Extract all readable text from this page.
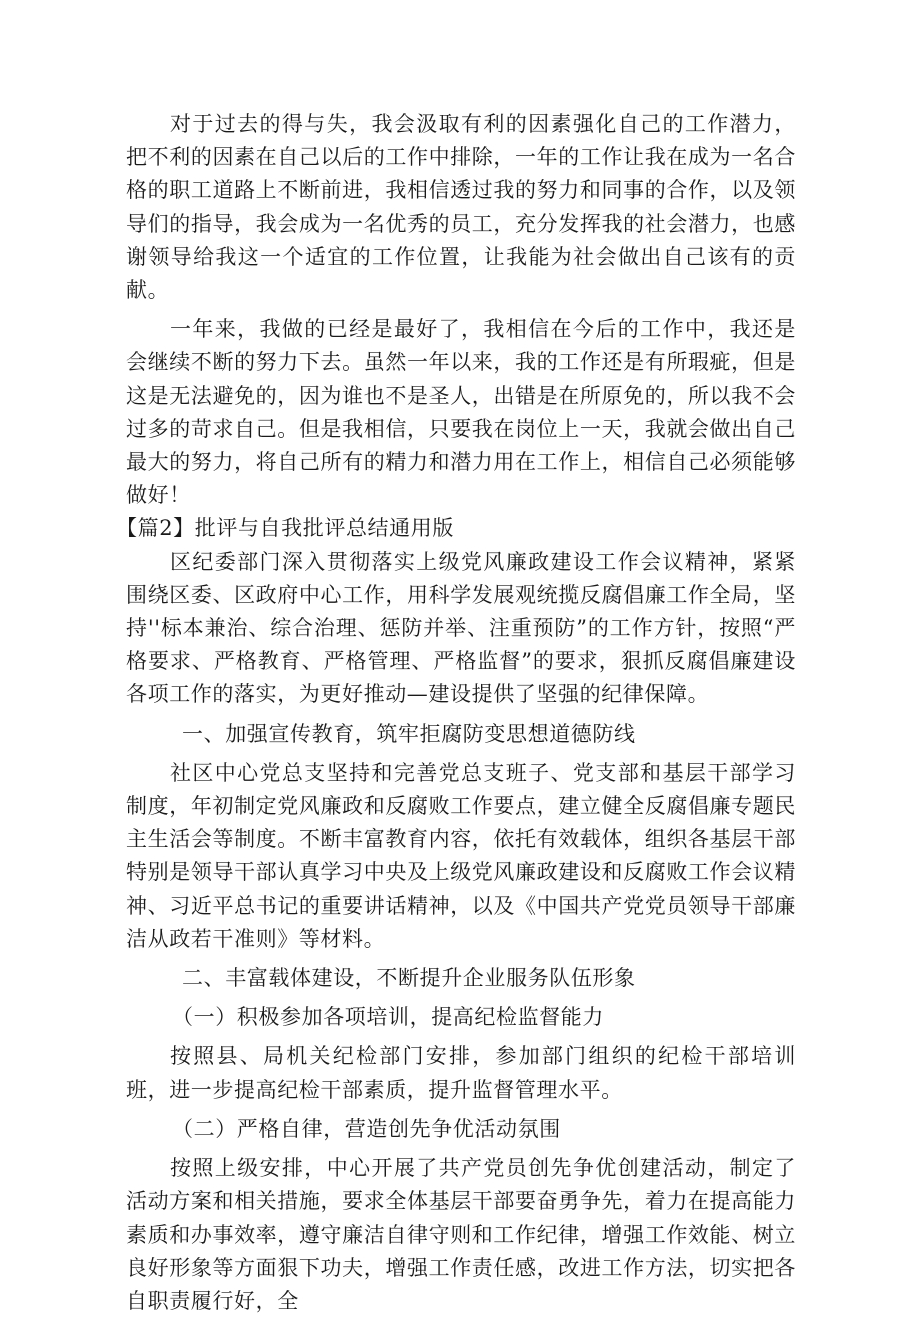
对于过去的得与失，我会汲取有利的因素强化自己的工作潜力，把不利的因素在自己以后的工作中排除，一年的工作让我在成为一名合格的职工道路上不断前进，我相信透过我的努力和同事的合作，以及领导们的指导，我会成为一名优秀的员工，充分发挥我的社会潜力，也感谢领导给我这一个适宜的工作位置，让我能为社会做出自己该有的贡献。

一年来，我做的已经是最好了，我相信在今后的工作中，我还是会继续不断的努力下去。虽然一年以来，我的工作还是有所瑕疵，但是这是无法避免的，因为谁也不是圣人，出错是在所原免的，所以我不会过多的苛求自己。但是我相信，只要我在岗位上一天，我就会做出自己最大的努力，将自己所有的精力和潜力用在工作上，相信自己必须能够做好！

【篇2】批评与自我批评总结通用版

区纪委部门深入贯彻落实上级党风廉政建设工作会议精神，紧紧围绕区委、区政府中心工作，用科学发展观统揽反腐倡廉工作全局，坚持''标本兼治、综合治理、惩防并举、注重预防”的工作方针，按照“严格要求、严格教育、严格管理、严格监督”的要求，狠抓反腐倡廉建设各项工作的落实，为更好推动—建设提供了坚强的纪律保障。

一、加强宣传教育，筑牢拒腐防变思想道德防线

社区中心党总支坚持和完善党总支班子、党支部和基层干部学习制度，年初制定党风廉政和反腐败工作要点，建立健全反腐倡廉专题民主生活会等制度。不断丰富教育内容，依托有效载体，组织各基层干部特别是领导干部认真学习中央及上级党风廉政建设和反腐败工作会议精神、习近平总书记的重要讲话精神，以及《中国共产党党员领导干部廉洁从政若干准则》等材料。

二、丰富载体建设，不断提升企业服务队伍形象

（一）积极参加各项培训，提高纪检监督能力

按照县、局机关纪检部门安排，参加部门组织的纪检干部培训班，进一步提高纪检干部素质，提升监督管理水平。

（二）严格自律，营造创先争优活动氛围

按照上级安排，中心开展了共产党员创先争优创建活动，制定了活动方案和相关措施，要求全体基层干部要奋勇争先，着力在提高能力素质和办事效率，遵守廉洁自律守则和工作纪律，增强工作效能、树立良好形象等方面狠下功夫，增强工作责任感，改进工作方法，切实把各自职责履行好，全
